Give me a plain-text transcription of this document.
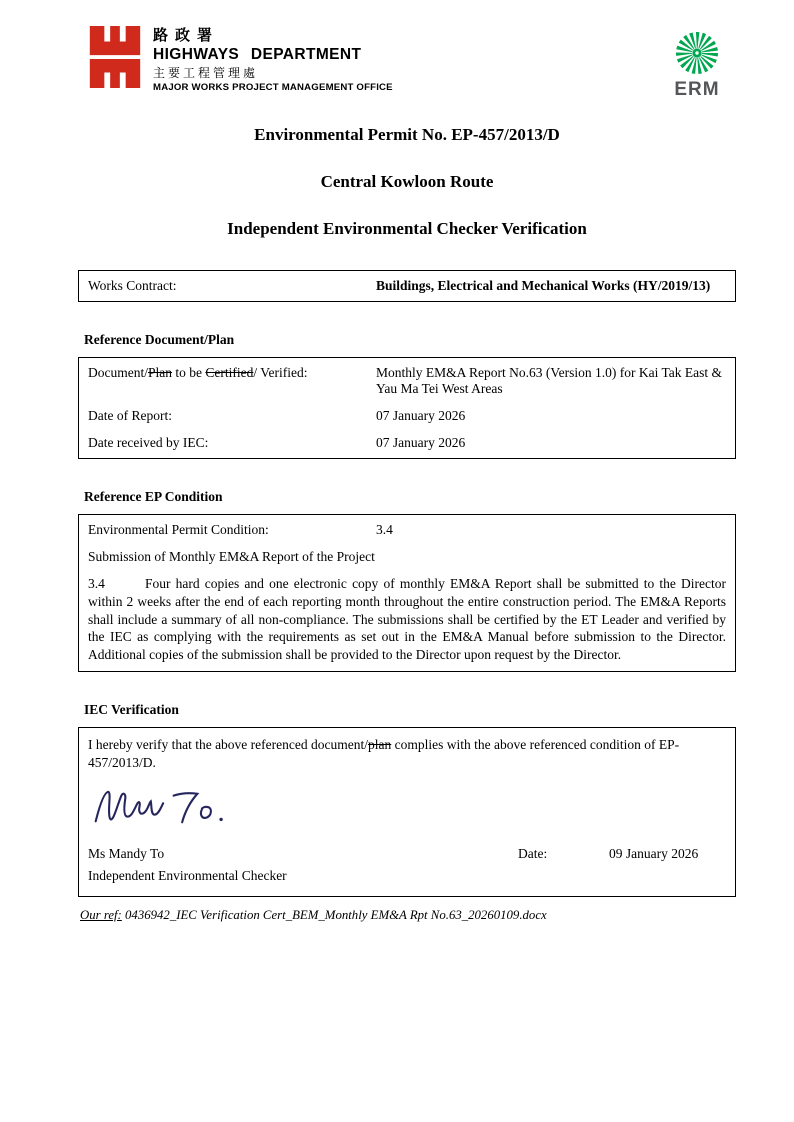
路政署
HIGHWAYS DEPARTMENT
主要工程管理處
MAJOR WORKS PROJECT MANAGEMENT OFFICE	ERM
Environmental Permit No. EP-457/2013/D
Central Kowloon Route
Independent Environmental Checker Verification
Works Contract:	Buildings, Electrical and Mechanical Works (HY/2019/13)
Reference Document/Plan
Document/Plan to be Certified/ Verified:	Monthly EM&A Report No.63 (Version 1.0) for Kai Tak East & Yau Ma Tei West Areas
Date of Report:	07 January 2026
Date received by IEC:	07 January 2026
Reference EP Condition
Environmental Permit Condition:	3.4
Submission of Monthly EM&A Report of the Project

3.4	Four hard copies and one electronic copy of monthly EM&A Report shall be submitted to the Director within 2 weeks after the end of each reporting month throughout the entire construction period. The EM&A Reports shall include a summary of all non-compliance. The submissions shall be certified by the ET Leader and verified by the IEC as complying with the requirements as set out in the EM&A Manual before submission to the Director. Additional copies of the submission shall be provided to the Director upon request by the Director.

IEC Verification

I hereby verify that the above referenced document/plan complies with the above referenced condition of EP-457/2013/D.

Ms Mandy To	Date:	09 January 2026
Independent Environmental Checker
Our ref: 0436942_IEC Verification Cert_BEM_Monthly EM&A Rpt No.63_20260109.docx
